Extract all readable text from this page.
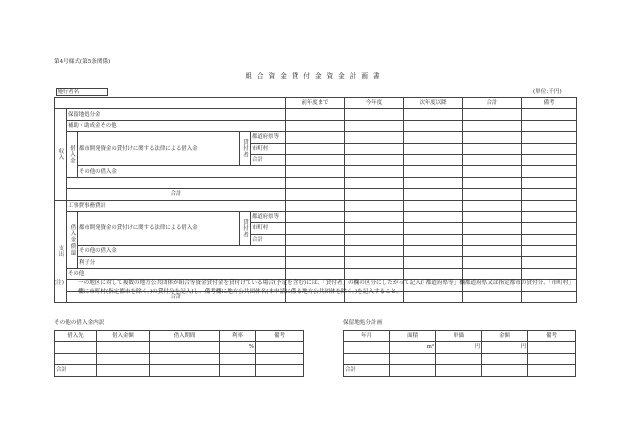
第4号様式(第5条関係)
組合資金貸付金資金計画書
(単位:千円)
施行者名									
					前年度まで	今年度	次年度以降	合計	備考
収入	保留地処分金								
	補助・助成金その他								
	借入金	都市開発資金の貸付けに関する法律による借入金	貸付者	都道府県等					
				市町村					
				合計					
		その他の借入金							

	合計								
支出	工事費事務費計								
	借入金償還	都市開発資金の貸付けに関する法律による借入金	貸付者	都道府県等					
				市町村					
				合計					
		その他の借入金							
		利子分							
	その他								

	合計								
(注)	一の地区に対して複数の地方公共団体が組合等資金貸付金を貸付けている場合(予定を含む)には、「貸付者」の欄の区分にしたがって記入(「都道府県等」欄都道府県又は指定都市の貸付分、「市町村」欄に市町村(指定都市を除く。)の貸付分を記入)し、備考欄に地方公共団体名(本申請に係る地方公共団体を除く。)を記入すること。
その他の借入金内訳
借入先	借入金額	借入期間	利率	備考
			%	

合計				
保留地処分計画
年月	面積	単価	金額	備考
	m²	円	円	

合計				
